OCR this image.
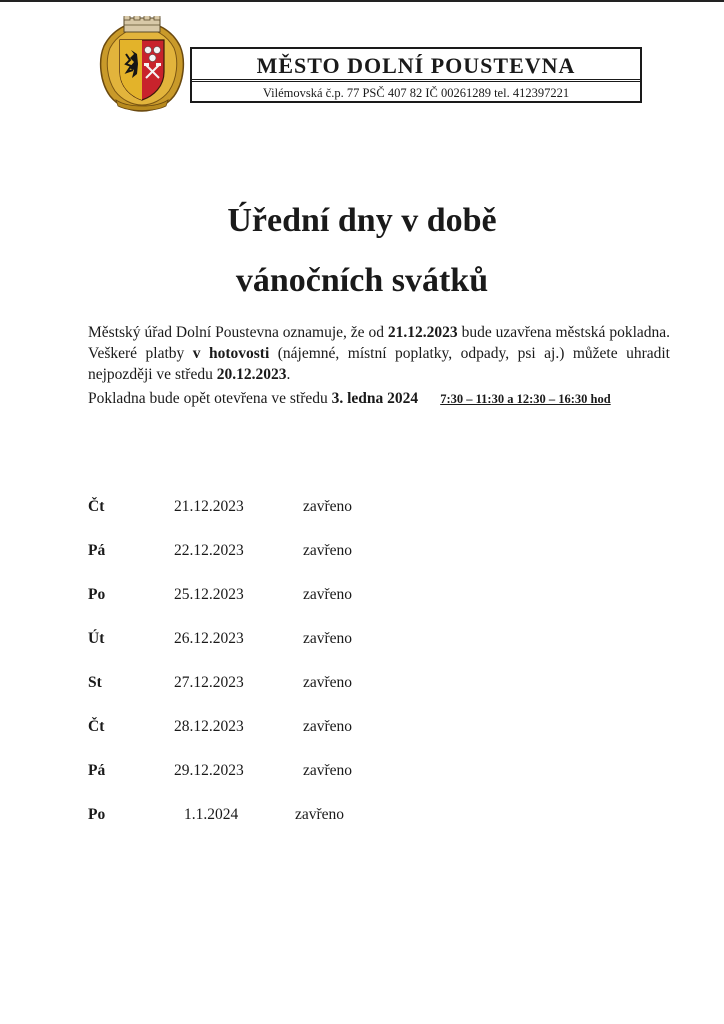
MĚSTO DOLNÍ POUSTEVNA
Vilémovská č.p. 77 PSČ 407 82 IČ 00261289 tel. 412397221
Úřední dny v době
vánočních svátků

Městský úřad Dolní Poustevna oznamuje, že od 21.12.2023 bude uzavřena městská pokladna. Veškeré platby v hotovosti (nájemné, místní poplatky, odpady, psi aj.) můžete uhradit nejpozději ve středu 20.12.2023.

Pokladna bude opět otevřena ve středu 3. ledna 2024 7:30 – 11:30 a 12:30 – 16:30 hod
Čt	21.12.2023	zavřeno
Pá	22.12.2023	zavřeno
Po	25.12.2023	zavřeno
Út	26.12.2023	zavřeno
St	27.12.2023	zavřeno
Čt	28.12.2023	zavřeno
Pá	29.12.2023	zavřeno
Po	1.1.2024	zavřeno
